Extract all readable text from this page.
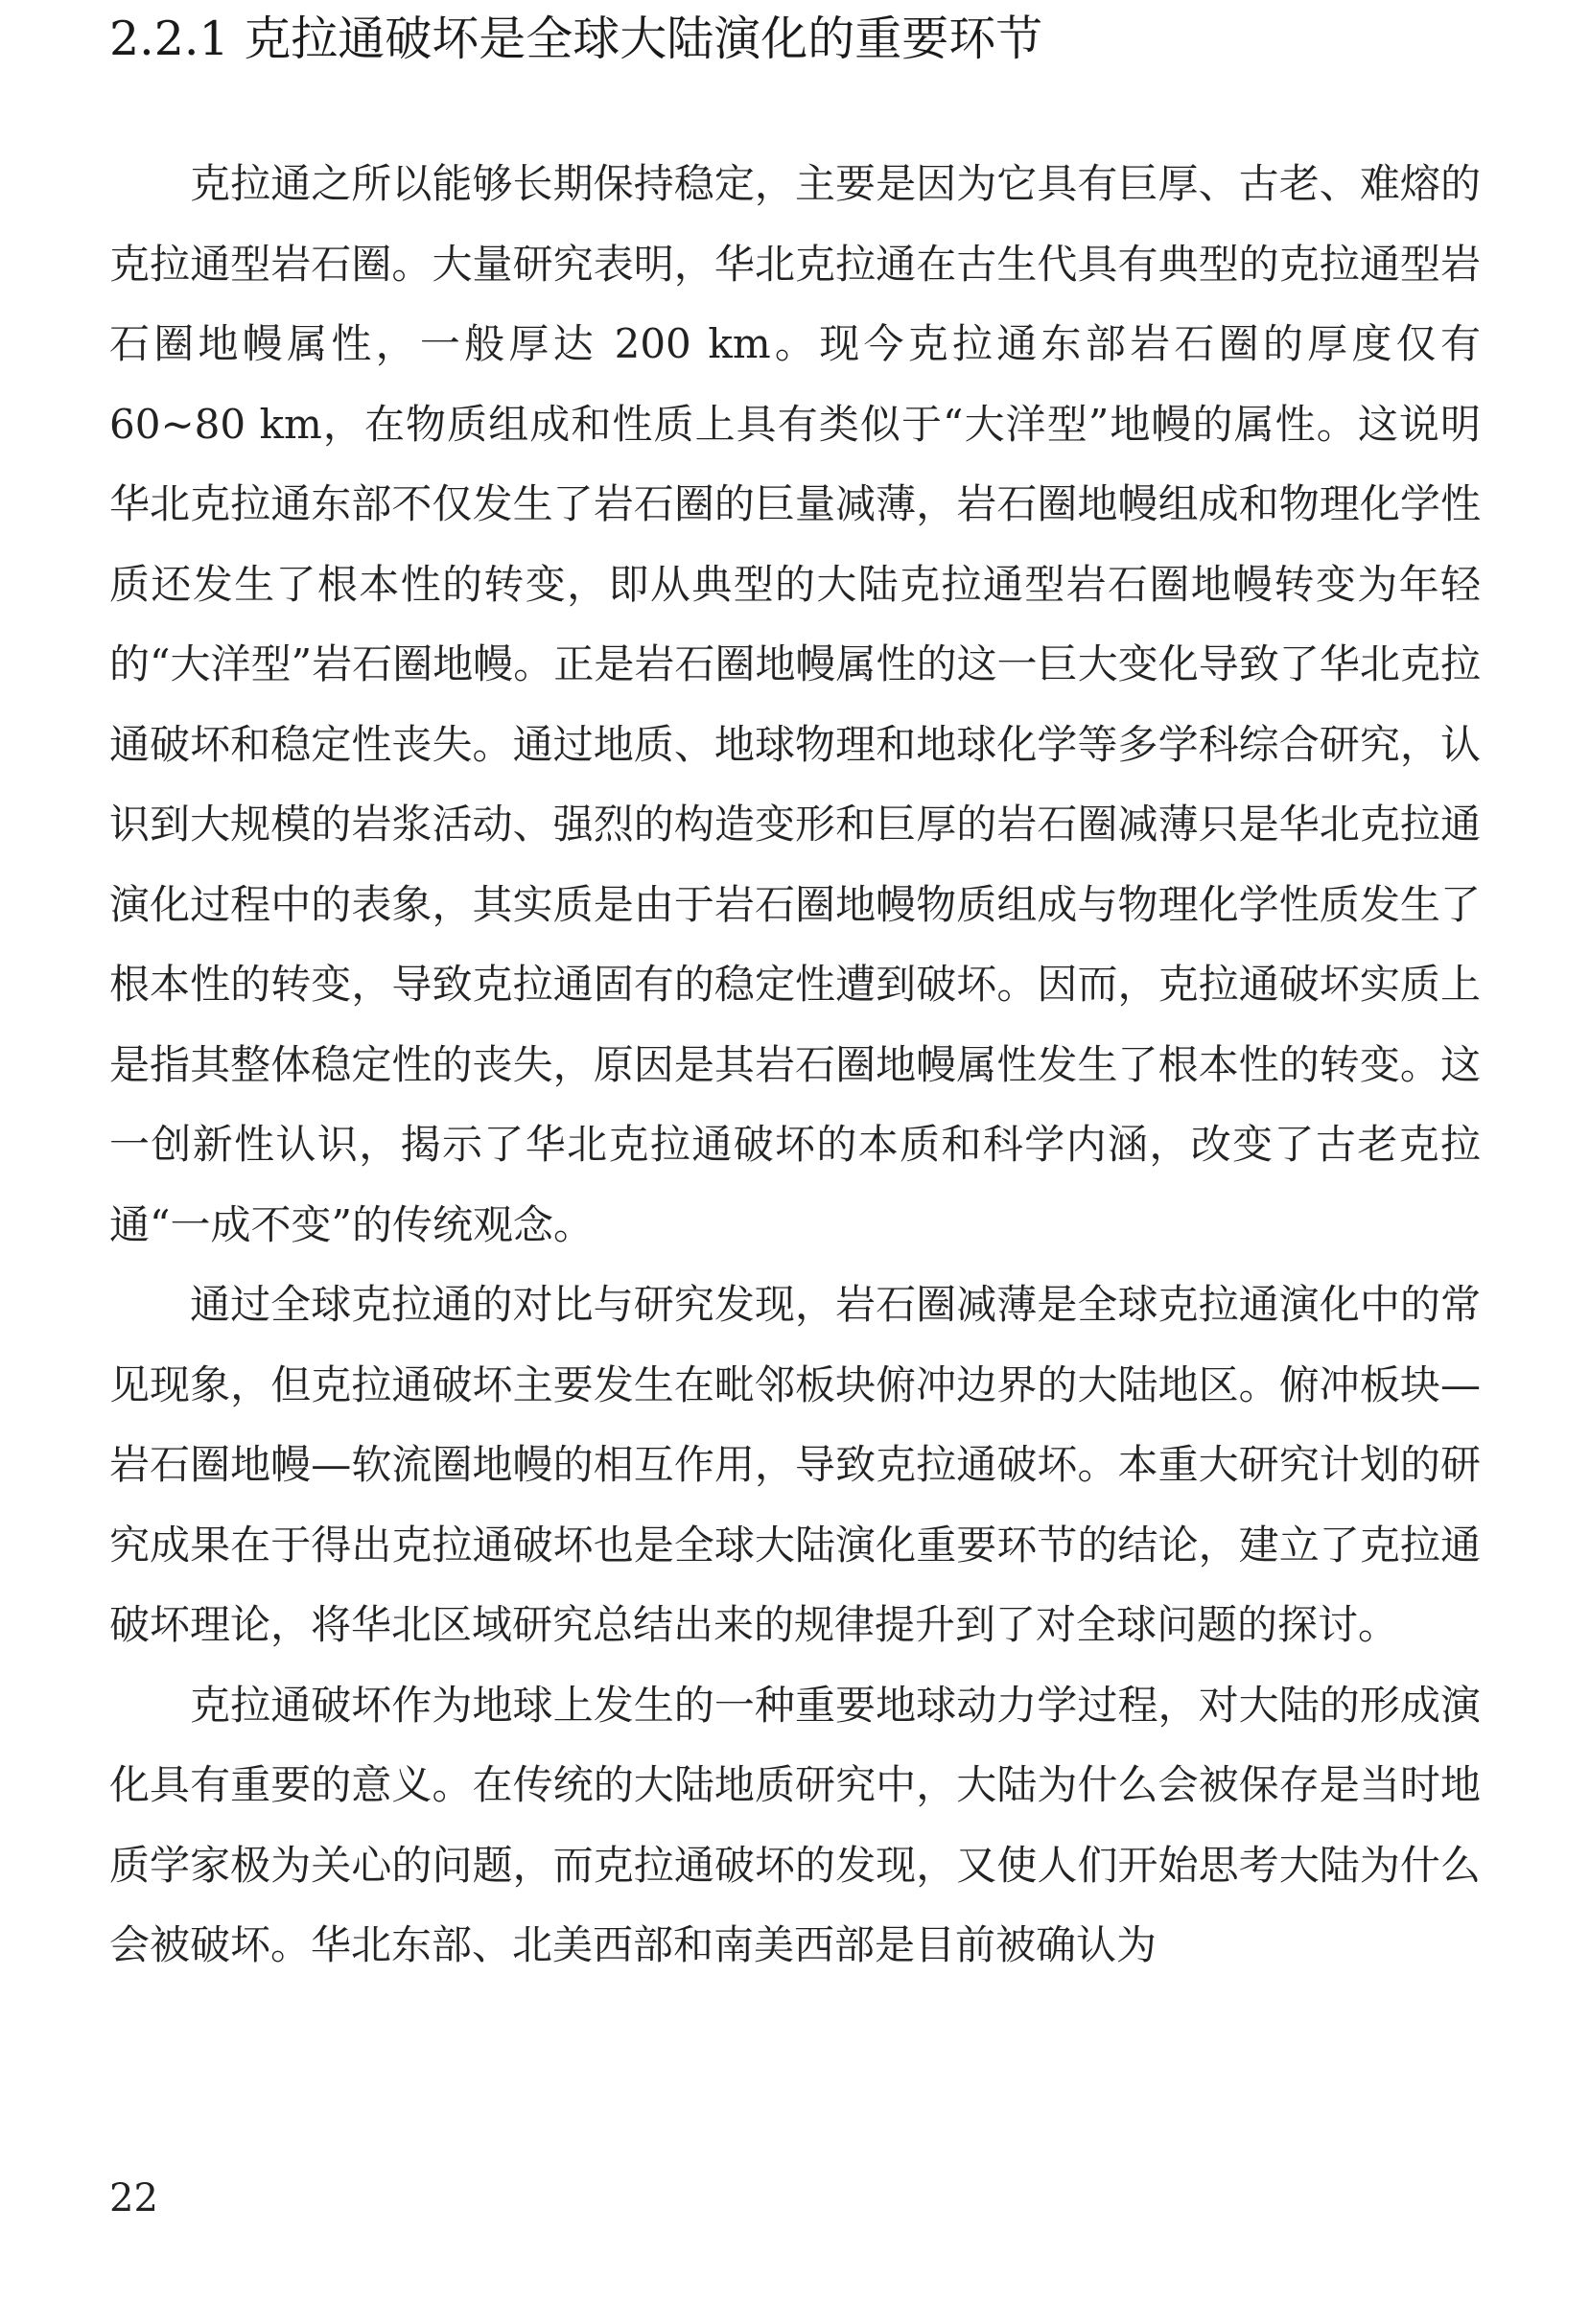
2.2.1 克拉通破坏是全球大陆演化的重要环节

克拉通之所以能够长期保持稳定，主要是因为它具有巨厚、古老、难熔的克拉通型岩石圈。大量研究表明，华北克拉通在古生代具有典型的克拉通型岩石圈地幔属性，一般厚达 200 km。现今克拉通东部岩石圈的厚度仅有 60~80 km，在物质组成和性质上具有类似于“大洋型”地幔的属性。这说明华北克拉通东部不仅发生了岩石圈的巨量减薄，岩石圈地幔组成和物理化学性质还发生了根本性的转变，即从典型的大陆克拉通型岩石圈地幔转变为年轻的“大洋型”岩石圈地幔。正是岩石圈地幔属性的这一巨大变化导致了华北克拉通破坏和稳定性丧失。通过地质、地球物理和地球化学等多学科综合研究，认识到大规模的岩浆活动、强烈的构造变形和巨厚的岩石圈减薄只是华北克拉通演化过程中的表象，其实质是由于岩石圈地幔物质组成与物理化学性质发生了根本性的转变，导致克拉通固有的稳定性遭到破坏。因而，克拉通破坏实质上是指其整体稳定性的丧失，原因是其岩石圈地幔属性发生了根本性的转变。这一创新性认识，揭示了华北克拉通破坏的本质和科学内涵，改变了古老克拉通“一成不变”的传统观念。

通过全球克拉通的对比与研究发现，岩石圈减薄是全球克拉通演化中的常见现象，但克拉通破坏主要发生在毗邻板块俯冲边界的大陆地区。俯冲板块—岩石圈地幔—软流圈地幔的相互作用，导致克拉通破坏。本重大研究计划的研究成果在于得出克拉通破坏也是全球大陆演化重要环节的结论，建立了克拉通破坏理论，将华北区域研究总结出来的规律提升到了对全球问题的探讨。

克拉通破坏作为地球上发生的一种重要地球动力学过程，对大陆的形成演化具有重要的意义。在传统的大陆地质研究中，大陆为什么会被保存是当时地质学家极为关心的问题，而克拉通破坏的发现，又使人们开始思考大陆为什么会被破坏。华北东部、北美西部和南美西部是目前被确认为

22
